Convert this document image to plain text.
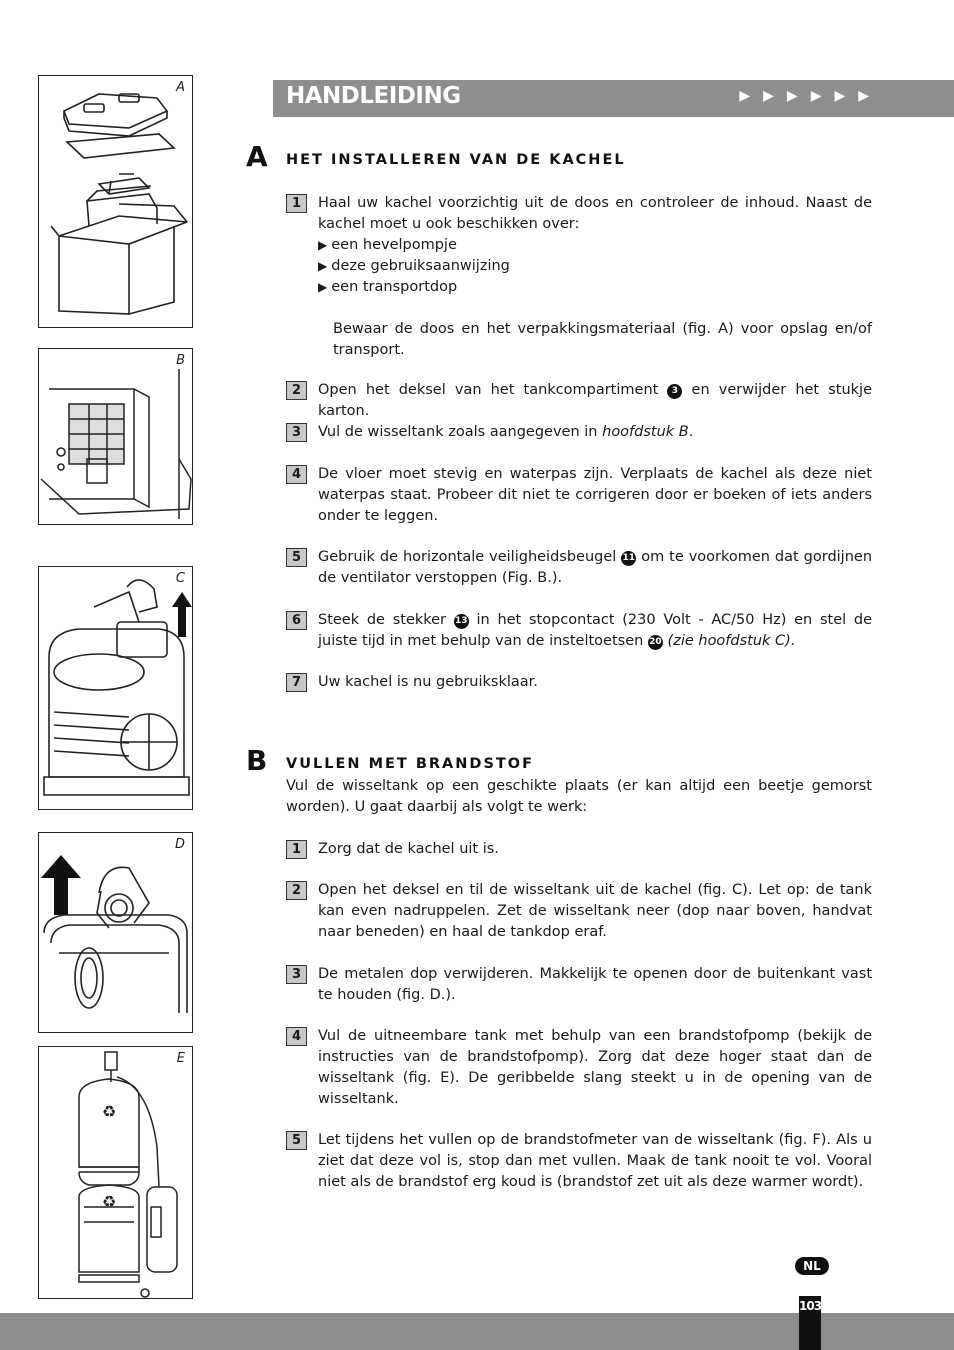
A
B
C
D
E
♻
♻
HANDLEIDING	▶▶▶▶▶▶
A HET INSTALLEREN VAN DE KACHEL
1	Haal uw kachel voorzichtig uit de doos en controleer de inhoud. Naast de kachel moet u ook beschikken over:
▶ een hevelpompje
▶ deze gebruiksaanwijzing
▶ een transportdop
Bewaar de doos en het verpakkingsmateriaal (fig. A) voor opslag en/of transport.
2	Open het deksel van het tankcompartiment 3 en verwijder het stukje karton.
3	Vul de wisseltank zoals aangegeven in hoofdstuk B.
4	De vloer moet stevig en waterpas zijn. Verplaats de kachel als deze niet waterpas staat. Probeer dit niet te corrigeren door er boeken of iets anders onder te leggen.
5	Gebruik de horizontale veiligheidsbeugel 11 om te voorkomen dat gordijnen de ventilator verstoppen (Fig. B.).
6	Steek de stekker 13 in het stopcontact (230 Volt - AC/50 Hz) en stel de juiste tijd in met behulp van de insteltoetsen 20 (zie hoofdstuk C).
7	Uw kachel is nu gebruiksklaar.
B VULLEN MET BRANDSTOF
Vul de wisseltank op een geschikte plaats (er kan altijd een beetje gemorst worden). U gaat daarbij als volgt te werk:
1	Zorg dat de kachel uit is.
2	Open het deksel en til de wisseltank uit de kachel (fig. C). Let op: de tank kan even nadruppelen. Zet de wisseltank neer (dop naar boven, handvat naar beneden) en haal de tankdop eraf.
3	De metalen dop verwijderen. Makkelijk te openen door de buitenkant vast te houden (fig. D.).
4	Vul de uitneembare tank met behulp van een brandstofpomp (bekijk de instructies van de brandstofpomp). Zorg dat deze hoger staat dan de wisseltank (fig. E). De geribbelde slang steekt u in de opening van de wisseltank.
5	Let tijdens het vullen op de brandstofmeter van de wisseltank (fig. F). Als u ziet dat deze vol is, stop dan met vullen. Maak de tank nooit te vol. Vooral niet als de brandstof erg koud is (brandstof zet uit als deze warmer wordt).
NL
103
